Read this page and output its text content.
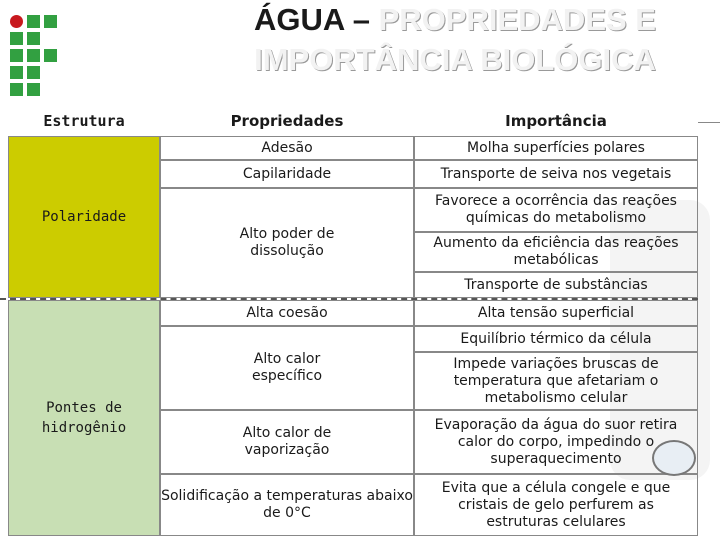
ÁGUA – PROPRIEDADES E IMPORTÂNCIA BIOLÓGICA
Estrutura
Polaridade
Pontes de hidrogênio
Propriedades	Importância
Adesão
Capilaridade
Alto poder de dissolução
Alta coesão
Alto calor específico
Alto calor de vaporização
Solidificação a temperaturas abaixo de 0°C
Molha superfícies polares
Transporte de seiva nos vegetais
Favorece a ocorrência das reações químicas do metabolismo
Aumento da eficiência das reações metabólicas
Transporte de substâncias
Alta tensão superficial
Equilíbrio térmico da célula
Impede variações bruscas de temperatura que afetariam o metabolismo celular
Evaporação da água do suor retira calor do corpo, impedindo o superaquecimento
Evita que a célula congele e que cristais de gelo perfurem as estruturas celulares
